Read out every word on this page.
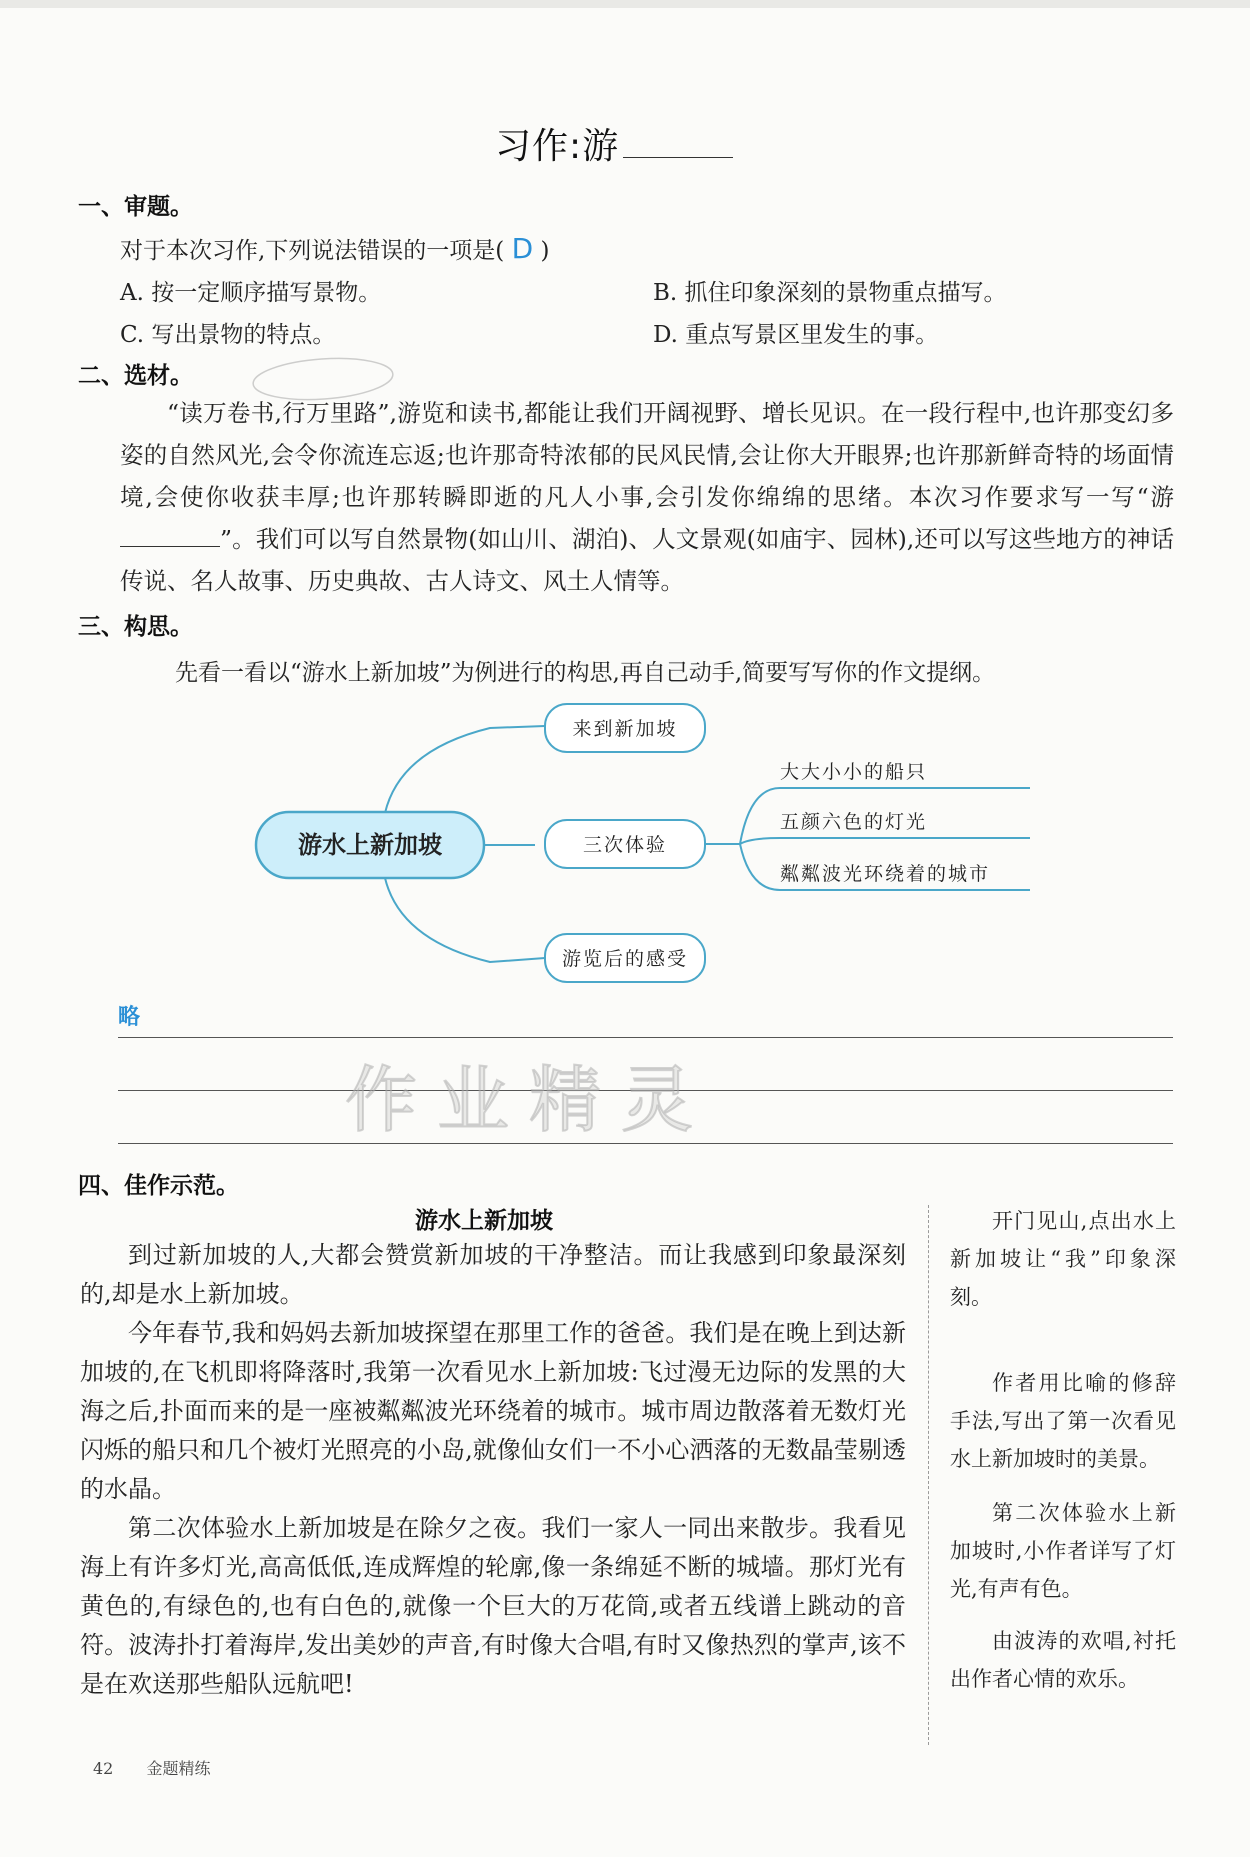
习作:游
一、审题。
对于本次习作,下列说法错误的一项是( D )
A. 按一定顺序描写景物。	B. 抓住印象深刻的景物重点描写。
C. 写出景物的特点。	D. 重点写景区里发生的事。
二、选材。
“读万卷书,行万里路”,游览和读书,都能让我们开阔视野、增长见识。在一段行程中,也许那变幻多姿的自然风光,会令你流连忘返;也许那奇特浓郁的民风民情,会让你大开眼界;也许那新鲜奇特的场面情境,会使你收获丰厚;也许那转瞬即逝的凡人小事,会引发你绵绵的思绪。本次习作要求写一写“游”。我们可以写自然景物(如山川、湖泊)、人文景观(如庙宇、园林),还可以写这些地方的神话传说、名人故事、历史典故、古人诗文、风土人情等。
三、构思。
先看一看以“游水上新加坡”为例进行的构思,再自己动手,简要写写你的作文提纲。
游水上新加坡
来到新加坡
三次体验
游览后的感受
大大小小的船只
五颜六色的灯光
粼粼波光环绕着的城市
略
作业精灵
四、佳作示范。
游水上新加坡

到过新加坡的人,大都会赞赏新加坡的干净整洁。而让我感到印象最深刻的,却是水上新加坡。

今年春节,我和妈妈去新加坡探望在那里工作的爸爸。我们是在晚上到达新加坡的,在飞机即将降落时,我第一次看见水上新加坡:飞过漫无边际的发黑的大海之后,扑面而来的是一座被粼粼波光环绕着的城市。城市周边散落着无数灯光闪烁的船只和几个被灯光照亮的小岛,就像仙女们一不小心洒落的无数晶莹剔透的水晶。

第二次体验水上新加坡是在除夕之夜。我们一家人一同出来散步。我看见海上有许多灯光,高高低低,连成辉煌的轮廓,像一条绵延不断的城墙。那灯光有黄色的,有绿色的,也有白色的,就像一个巨大的万花筒,或者五线谱上跳动的音符。波涛扑打着海岸,发出美妙的声音,有时像大合唱,有时又像热烈的掌声,该不是在欢送那些船队远航吧!

开门见山,点出水上新加坡让“我”印象深刻。

作者用比喻的修辞手法,写出了第一次看见水上新加坡时的美景。

第二次体验水上新加坡时,小作者详写了灯光,有声有色。

由波涛的欢唱,衬托出作者心情的欢乐。

42 金题精练
